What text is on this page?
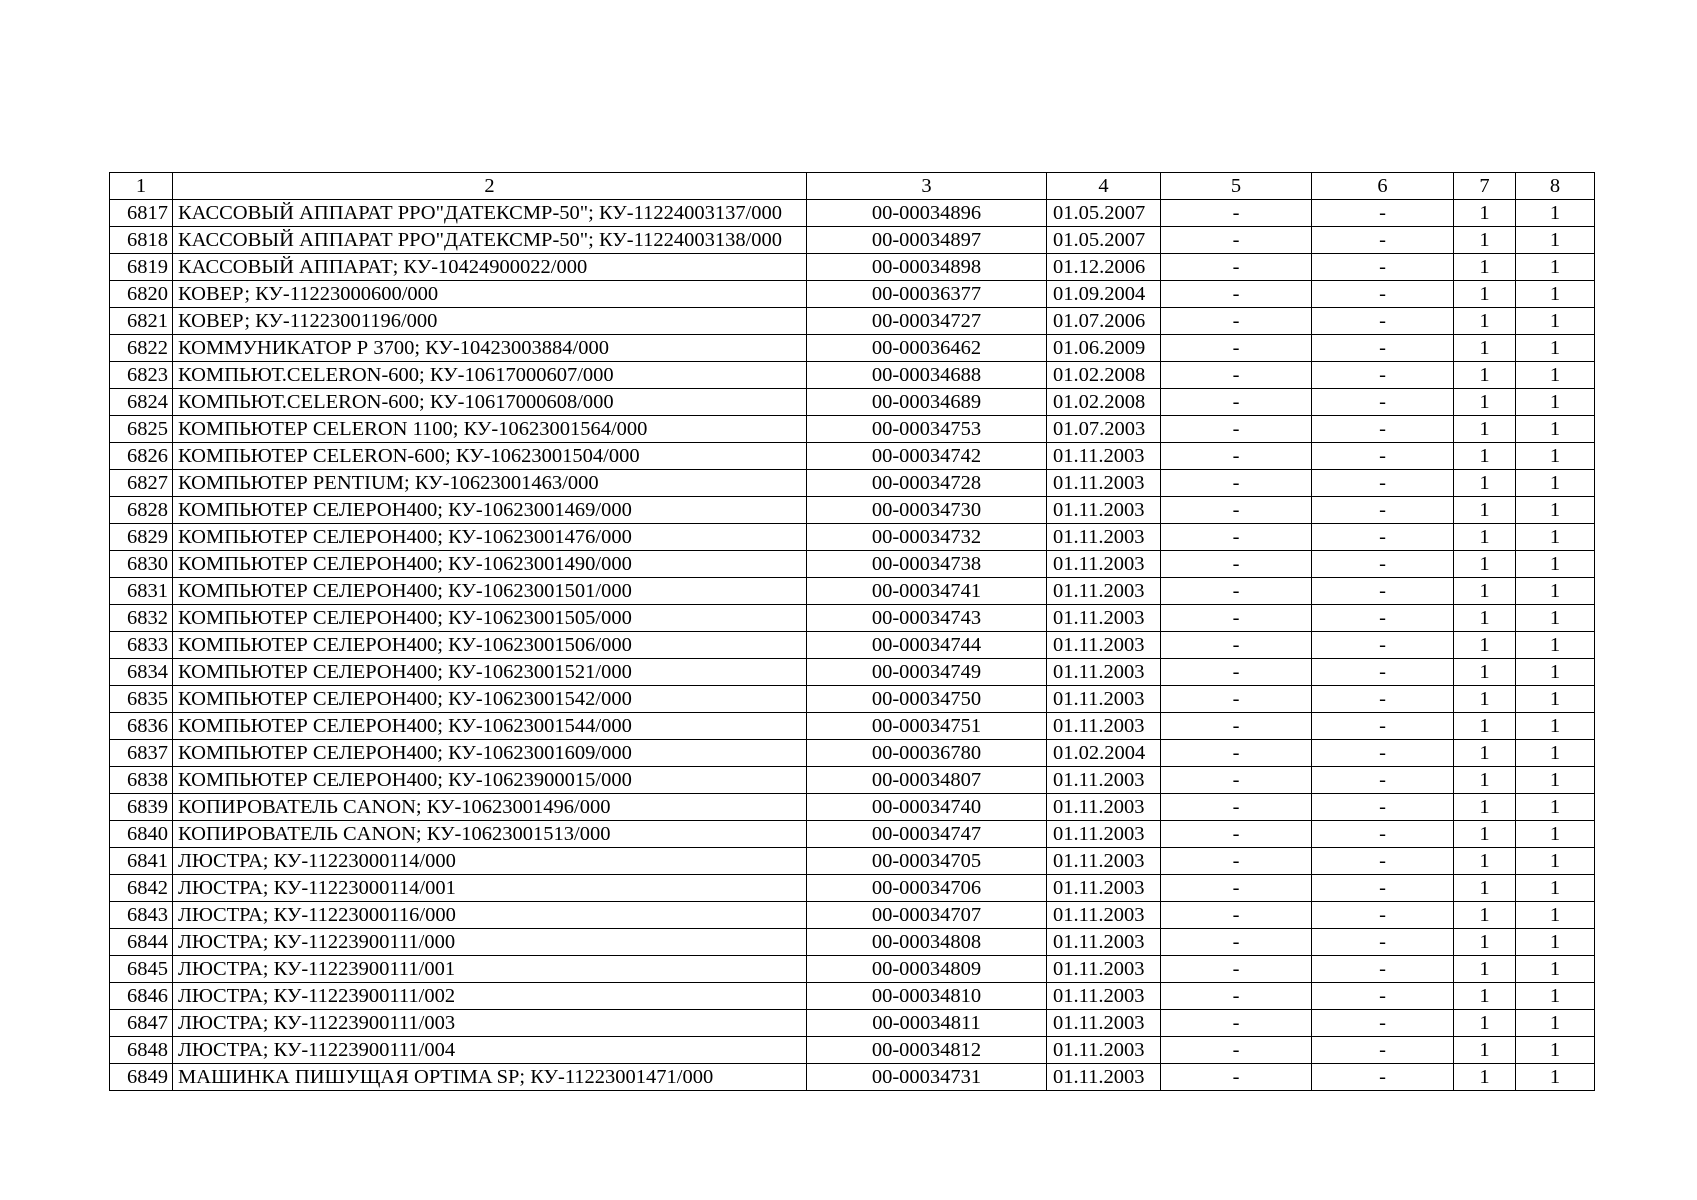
1	2	3	4	5	6	7	8
6817	КАССОВЫЙ АППАРАТ РРО"ДАТЕКСМР-50"; КУ-11224003137/000	00-00034896	01.05.2007	-	-	1	1
6818	КАССОВЫЙ АППАРАТ РРО"ДАТЕКСМР-50"; КУ-11224003138/000	00-00034897	01.05.2007	-	-	1	1
6819	КАССОВЫЙ АППАРАТ; КУ-10424900022/000	00-00034898	01.12.2006	-	-	1	1
6820	КОВЕР; КУ-11223000600/000	00-00036377	01.09.2004	-	-	1	1
6821	КОВЕР; КУ-11223001196/000	00-00034727	01.07.2006	-	-	1	1
6822	КОММУНИКАТОР Р 3700; КУ-10423003884/000	00-00036462	01.06.2009	-	-	1	1
6823	КОМПЬЮТ.CELERON-600; КУ-10617000607/000	00-00034688	01.02.2008	-	-	1	1
6824	КОМПЬЮТ.CELERON-600; КУ-10617000608/000	00-00034689	01.02.2008	-	-	1	1
6825	КОМПЬЮТЕР CELERON 1100; КУ-10623001564/000	00-00034753	01.07.2003	-	-	1	1
6826	КОМПЬЮТЕР CELERON-600; КУ-10623001504/000	00-00034742	01.11.2003	-	-	1	1
6827	КОМПЬЮТЕР PENTIUM; КУ-10623001463/000	00-00034728	01.11.2003	-	-	1	1
6828	КОМПЬЮТЕР СЕЛЕРОН400; КУ-10623001469/000	00-00034730	01.11.2003	-	-	1	1
6829	КОМПЬЮТЕР СЕЛЕРОН400; КУ-10623001476/000	00-00034732	01.11.2003	-	-	1	1
6830	КОМПЬЮТЕР СЕЛЕРОН400; КУ-10623001490/000	00-00034738	01.11.2003	-	-	1	1
6831	КОМПЬЮТЕР СЕЛЕРОН400; КУ-10623001501/000	00-00034741	01.11.2003	-	-	1	1
6832	КОМПЬЮТЕР СЕЛЕРОН400; КУ-10623001505/000	00-00034743	01.11.2003	-	-	1	1
6833	КОМПЬЮТЕР СЕЛЕРОН400; КУ-10623001506/000	00-00034744	01.11.2003	-	-	1	1
6834	КОМПЬЮТЕР СЕЛЕРОН400; КУ-10623001521/000	00-00034749	01.11.2003	-	-	1	1
6835	КОМПЬЮТЕР СЕЛЕРОН400; КУ-10623001542/000	00-00034750	01.11.2003	-	-	1	1
6836	КОМПЬЮТЕР СЕЛЕРОН400; КУ-10623001544/000	00-00034751	01.11.2003	-	-	1	1
6837	КОМПЬЮТЕР СЕЛЕРОН400; КУ-10623001609/000	00-00036780	01.02.2004	-	-	1	1
6838	КОМПЬЮТЕР СЕЛЕРОН400; КУ-10623900015/000	00-00034807	01.11.2003	-	-	1	1
6839	КОПИРОВАТЕЛЬ CANON; КУ-10623001496/000	00-00034740	01.11.2003	-	-	1	1
6840	КОПИРОВАТЕЛЬ CANON; КУ-10623001513/000	00-00034747	01.11.2003	-	-	1	1
6841	ЛЮСТРА; КУ-11223000114/000	00-00034705	01.11.2003	-	-	1	1
6842	ЛЮСТРА; КУ-11223000114/001	00-00034706	01.11.2003	-	-	1	1
6843	ЛЮСТРА; КУ-11223000116/000	00-00034707	01.11.2003	-	-	1	1
6844	ЛЮСТРА; КУ-11223900111/000	00-00034808	01.11.2003	-	-	1	1
6845	ЛЮСТРА; КУ-11223900111/001	00-00034809	01.11.2003	-	-	1	1
6846	ЛЮСТРА; КУ-11223900111/002	00-00034810	01.11.2003	-	-	1	1
6847	ЛЮСТРА; КУ-11223900111/003	00-00034811	01.11.2003	-	-	1	1
6848	ЛЮСТРА; КУ-11223900111/004	00-00034812	01.11.2003	-	-	1	1
6849	МАШИНКА ПИШУЩАЯ OPTIMA SP; КУ-11223001471/000	00-00034731	01.11.2003	-	-	1	1
